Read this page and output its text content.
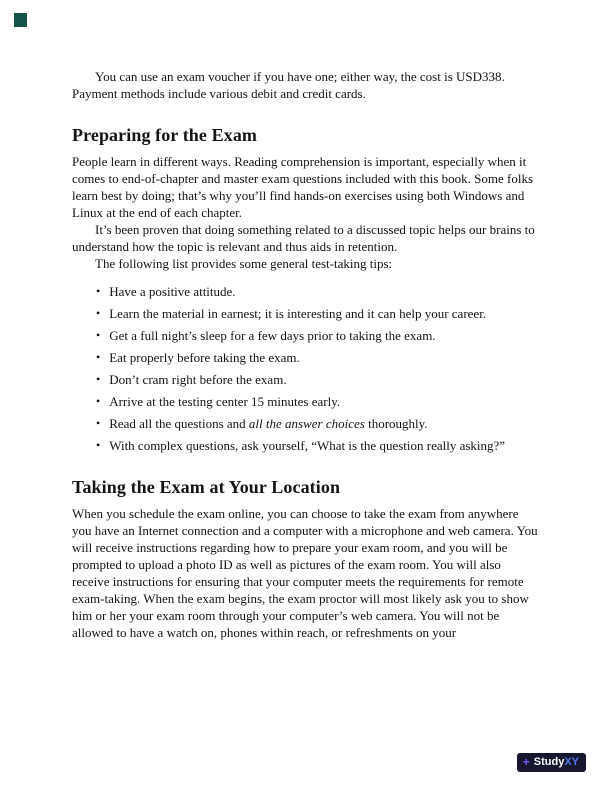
You can use an exam voucher if you have one; either way, the cost is USD338. Payment methods include various debit and credit cards.

Preparing for the Exam

People learn in different ways. Reading comprehension is important, especially when it comes to end-of-chapter and master exam questions included with this book. Some folks learn best by doing; that’s why you’ll find hands-on exercises using both Windows and Linux at the end of each chapter.

It’s been proven that doing something related to a discussed topic helps our brains to understand how the topic is relevant and thus aids in retention.

The following list provides some general test-taking tips:

• Have a positive attitude.
• Learn the material in earnest; it is interesting and it can help your career.
• Get a full night’s sleep for a few days prior to taking the exam.
• Eat properly before taking the exam.
• Don’t cram right before the exam.
• Arrive at the testing center 15 minutes early.
• Read all the questions and all the answer choices thoroughly.
• With complex questions, ask yourself, “What is the question really asking?”
Taking the Exam at Your Location

When you schedule the exam online, you can choose to take the exam from anywhere you have an Internet connection and a computer with a microphone and web camera. You will receive instructions regarding how to prepare your exam room, and you will be prompted to upload a photo ID as well as pictures of the exam room. You will also receive instructions for ensuring that your computer meets the requirements for remote exam-taking. When the exam begins, the exam proctor will most likely ask you to show him or her your exam room through your computer’s web camera. You will not be allowed to have a watch on, phones within reach, or refreshments on your

+ StudyXY
